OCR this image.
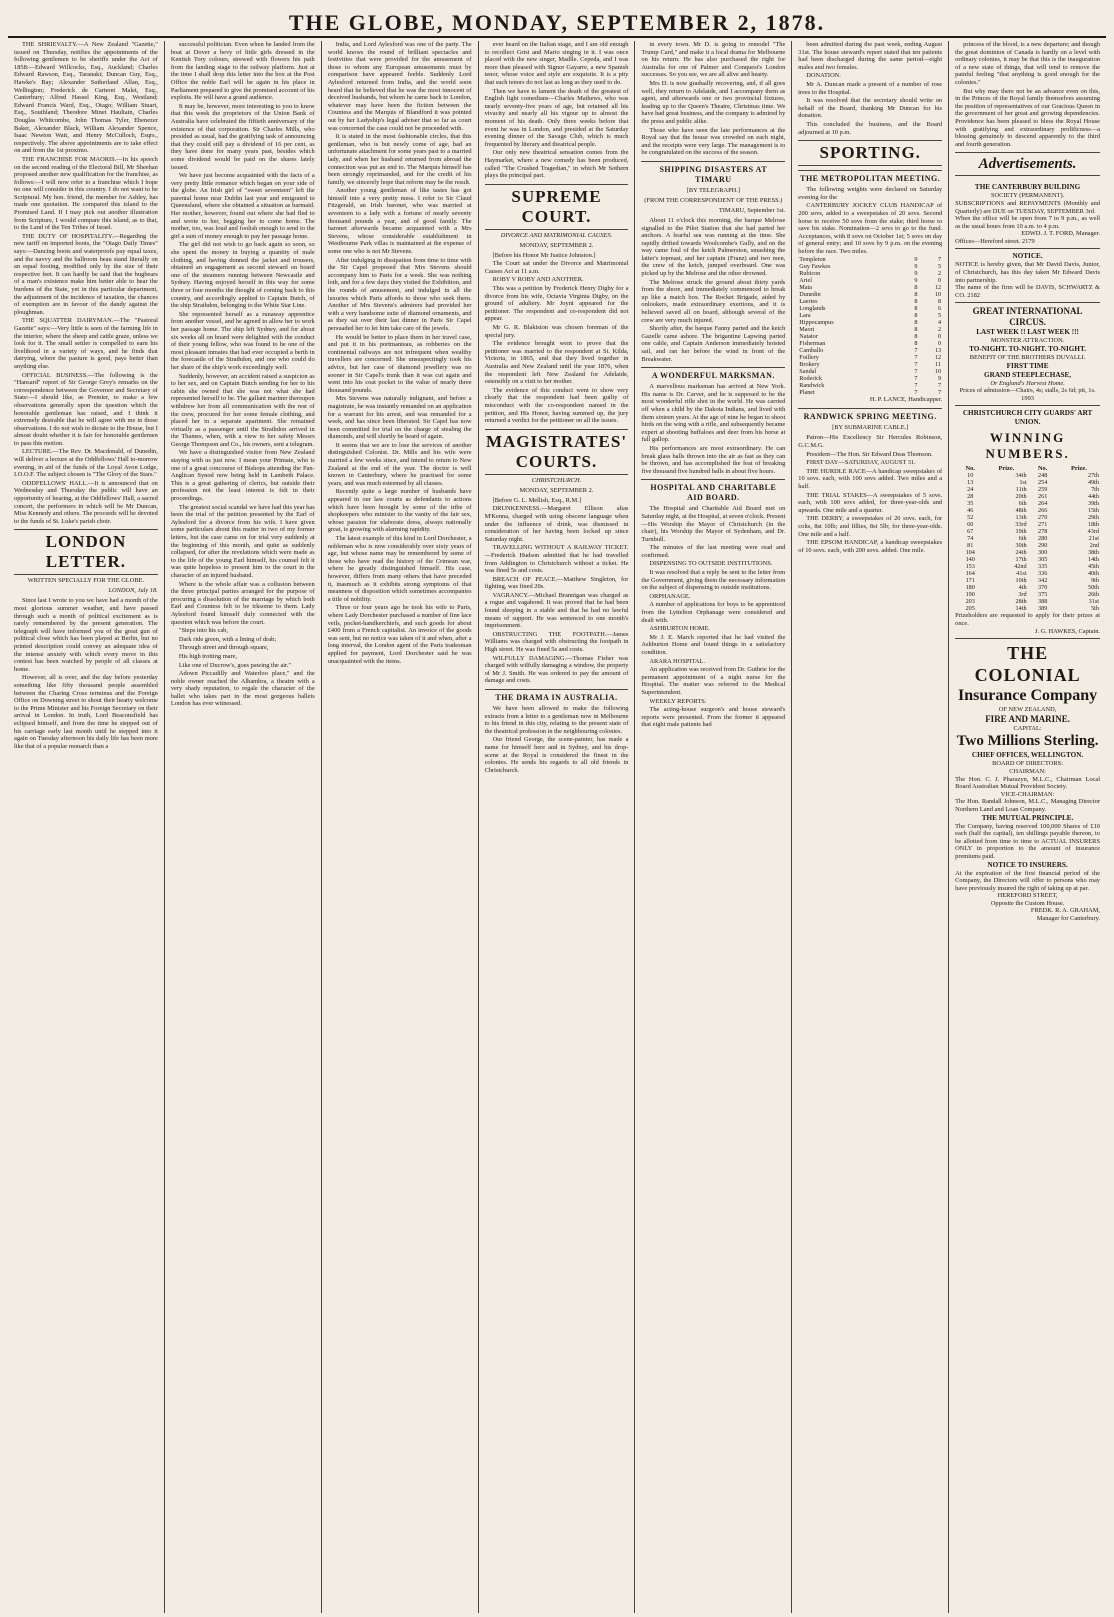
THE GLOBE, MONDAY, SEPTEMBER 2, 1878.
THE SHRIEVALTY.—A New Zealand "Gazette," issued on Thursday, notifies the appointments of the following gentlemen to be sheriffs under the Act of 1858:—Edward Willcocks, Esq., Auckland; Charles Edward Rawson, Esq., Taranaki; Duncan Guy, Esq., Hawke's Bay; Alexander Sutherland Allan, Esq., Wellington; Frederick de Carteret Malet, Esq., Canterbury; Alfred Hassel King, Esq., Westland; Edward Francis Ward, Esq., Otago; William Stuart, Esq., Southland; Theodore Minet Haultain, Charles Douglas Whitcombe, John Thomas Tyler, Ebenezer Baker, Alexander Black, William Alexander Spence, Isaac Newton Watt, and Henry McCulloch, Esqrs., respectively. The above appointments are to take effect on and from the 1st proximo.
THE FRANCHISE FOR MAORIS.—In his speech on the second reading of the Electoral Bill, Mr Sheehan proposed another new qualification for the franchise, as follows:—I will now refer to a franchise which I hope no one will consider in this country. I do not want to be Scriptural. My hon. friend, the member for Ashley, has made one quotation. He compared this island to the Promised Land. If I may pick out another illustration from Scripture, I would compare this island, as to that, to the Land of the Ten Tribes of Israel.
THE DUTY OF HOSPITALITY.—Regarding the new tariff on imported boots, the "Otago Daily Times" says:—Dancing boots and waterproofs pay equal taxes, and the navvy and the ballroom beau stand literally on an equal footing, modified only by the size of their respective feet. It can hardly be said that the bugbears of a man's existence make him better able to bear the burdens of the State, yet in this particular department, the adjustment of the incidence of taxation, the chances of exemption are in favour of the dandy against the ploughman.
THE SQUATTER DAIRYMAN.—The "Pastoral Gazette" says:—Very little is seen of the farming life in the interior, where the sheep and cattle graze, unless we look for it. The small settler is compelled to earn his livelihood in a variety of ways, and he finds that dairying, where the pasture is good, pays better than anything else.
OFFICIAL BUSINESS.—The following is the "Hansard" report of Sir George Grey's remarks on the correspondence between the Governor and Secretary of State:—I should like, as Premier, to make a few observations generally upon the question which the honorable gentleman has raised, and I think it extremely desirable that he will agree with me in those observations. I do not wish to dictate to the House, but I almost doubt whether it is fair for honorable gentlemen to pass this motion.
LECTURE.—The Rev. Dr. Macdonald, of Dunedin, will deliver a lecture at the Oddfellows' Hall to-morrow evening, in aid of the funds of the Loyal Avon Lodge, I.O.O.F. The subject chosen is "The Glory of the Stars."
ODDFELLOWS' HALL.—It is announced that on Wednesday and Thursday the public will have an opportunity of hearing, at the Oddfellows' Hall, a sacred concert, the performers in which will be Mr Duncan, Miss Kennedy and others. The proceeds will be devoted to the funds of St. Luke's parish choir.
LONDON LETTER.
WRITTEN SPECIALLY FOR THE GLOBE.
LONDON, July 18.
Since last I wrote to you we have had a month of the most glorious summer weather, and have passed through such a month of political excitement as is rarely remembered by the present generation. The telegraph will have informed you of the great gun of political close which has been played at Berlin, but no printed description could convey an adequate idea of the intense anxiety with which every move in this contest has been watched by people of all classes at home.
However, all is over, and the day before yesterday something like fifty thousand people assembled between the Charing Cross terminus and the Foreign Office on Downing street to shout their hearty welcome to the Prime Minister and his Foreign Secretary on their arrival in London. In truth, Lord Beaconsfield has eclipsed himself, and from the time he stepped out of his carriage early last month until he stepped into it again on Tuesday afternoon his daily life has been more like that of a popular monarch than a
successful politician. Even when he landed from the boat at Dover a bevy of little girls dressed in the Kentish Tory colours, strewed with flowers his path from the landing stage to the railway platform. Just at the time I shall drop this letter into the box at the Post Office the noble Earl will be again in his place in Parliament prepared to give the promised account of his exploits. He will have a grand audience.
It may be, however, more interesting to you to know that this week the proprietors of the Union Bank of Australia have celebrated the fiftieth anniversary of the existence of that corporation. Sir Charles Mills, who presided as usual, had the gratifying task of announcing that they could still pay a dividend of 16 per cent, as they have done for many years past, besides which some dividend would be paid on the shares lately issued.
We have just become acquainted with the facts of a very pretty little romance which began on your side of the globe. An Irish girl of "sweet seventeen" left the parental home near Dublin last year and emigrated to Queensland, where she obtained a situation as barmaid. Her mother, however, found out where she had fled to and wrote to her, begging her to come home. The mother, too, was loud and foolish enough to send to the girl a sum of money enough to pay her passage home.
The girl did not wish to go back again so soon, so she spent the money in buying a quantity of male clothing, and having donned the jacket and trousers, obtained an engagement as second steward on board one of the steamers running between Newcastle and Sydney. Having enjoyed herself in this way for some three or four months the thought of coming back to this country, and accordingly applied to Captain Butch, of the ship Strathdon, belonging to the White Star Line.
She represented herself as a runaway apprentice from another vessel, and he agreed to allow her to work her passage home. The ship left Sydney, and for about six weeks all on board were delighted with the conduct of their young fellow, who was found to be one of the most pleasant inmates that had ever occupied a berth in the forecastle of the Strathdon, and one who could do her share of the ship's work exceedingly well.
Suddenly, however, an accident raised a suspicion as to her sex, and on Captain Butch sending for her to his cabin she owned that she was not what she had represented herself to be. The gallant mariner thereupon withdrew her from all communication with the rest of the crew, procured for her some female clothing, and placed her in a separate apartment. She remained virtually as a passenger until the Strathdon arrived in the Thames, when, with a view to her safety Messrs George Thompson and Co., his owners, sent a telegram.
We have a distinguished visitor from New Zealand staying with us just now. I mean your Primate, who is one of a great concourse of Bishops attending the Pan-Anglican Synod now being held in Lambeth Palace. This is a great gathering of clerics, but outside their profession not the least interest is felt in their proceedings.
The greatest social scandal we have had this year has been the trial of the petition presented by the Earl of Aylesford for a divorce from his wife. I have given some particulars about this matter in two of my former letters, but the case came on for trial very suddenly at the beginning of this month, and quite as suddenly collapsed, for after the revelations which were made as to the life of the young Earl himself, his counsel felt it was quite hopeless to present him to the court in the character of an injured husband.
Where is the whole affair was a collusion between the three principal parties arranged for the purpose of procuring a dissolution of the marriage by which both Earl and Countess felt to be irksome to them. Lady Aylesford found himself duly connected with the question which was before the court.
"Steps into his cab,
Dark ride green, with a lining of drab;
Through street and through square,
His high trotting mare,
Like one of Ducrow's, goes pawing the air."
Adown Piccadilly and Waterloo place," and the noble owner reached the Alhambra, a theatre with a very shady reputation, to regale the character of the ballet who takes part in the most gorgeous ballets London has ever witnessed.
India, and Lord Aylesford was one of the party. The world knows the round of brilliant spectacles and festivities that were provided for the amusement of those to whom any European amusements must by comparison have appeared feeble. Suddenly Lord Aylesford returned from India, and the world soon heard that he believed that he was the most innocent of deceived husbands, but whom he came back to London, whatever may have been the fiction between the Countess and the Marquis of Blandford it was pointed out by her Ladyship's legal adviser that so far as court was concerned the case could not be proceeded with.
It is stated in the most fashionable circles, that this gentleman, who is but newly come of age, had an unfortunate attachment for some years past to a married lady, and when her husband returned from abroad the connection was put an end to. The Marquis himself has been strongly reprimanded, and for the credit of his family, we sincerely hope that reform may be the result.
Another young gentleman of like tastes has got himself into a very pretty mess. I refer to Sir Claud Fitzgerald, an Irish baronet, who was married at seventeen to a lady with a fortune of nearly seventy thousand pounds a year, and of good family. The baronet afterwards became acquainted with a Mrs Stevens, whose considerable establishment in Westbourne Park villas is maintained at the expense of some one who is not Mr Stevens.
After indulging in dissipation from time to time with the Sir Capel proposed that Mrs Stevens should accompany him to Paris for a week. She was nothing loth, and for a few days they visited the Exhibition, and the rounds of amusement, and indulged in all the luxuries which Paris affords to those who seek them. Another of Mrs Stevens's admirers had provided her with a very handsome suite of diamond ornaments, and as they sat over their last dinner in Paris Sir Capel persuaded her to let him take care of the jewels.
He would be better to place them in her travel case, and put it in his portmanteau, as robberies on the continental railways are not infrequent when wealthy travellers are concerned. She unsuspectingly took his advice, but her case of diamond jewellery was no sooner in Sir Capel's trunk than it was cut again and went into his coat pocket to the value of nearly three thousand pounds.
Mrs Stevens was naturally indignant, and before a magistrate, he was instantly remanded on an application for a warrant for his arrest, and was remanded for a week, and has since been liberated. Sir Capel has now been committed for trial on the charge of stealing the diamonds, and will shortly be heard of again.
It seems that we are to lose the services of another distinguished Colonist. Dr. Mills and his wife were married a few weeks since, and intend to return to New Zealand at the end of the year. The doctor is well known in Canterbury, where he practised for some years, and was much esteemed by all classes.
Recently quite a large number of husbands have appeared in our law courts as defendants to actions which have been brought by some of the tribe of shopkeepers who minister to the vanity of the fair sex, whose passion for elaborate dress, always nationally great, is growing with alarming rapidity.
The latest example of this kind in Lord Dorchester, a nobleman who is now considerably over sixty years of age, but whose name may be remembered by some of those who have read the history of the Crimean war, where he greatly distinguished himself. His case, however, differs from many others that have preceded it, inasmuch as it exhibits strong symptoms of that meanness of disposition which sometimes accompanies a title of nobility.
Three or four years ago he took his wife to Paris, where Lady Dorchester purchased a number of fine lace veils, pocket-handkerchiefs, and such goods for about £400 from a French capitalist. An invoice of the goods was sent, but no notice was taken of it and when, after a long interval, the London agent of the Paris tradesman applied for payment, Lord Dorchester said he was unacquainted with the items.
ever heard on the Italian stage, and I am old enough to recollect Grisi and Mario singing in it. I was once placed with the new singer, Madlle. Cepeda, and I was more than pleased with Signor Gayarre, a new Spanish tenor, whose voice and style are exquisite. It is a pity that such tenors do not last as long as they used to do.
Then we have to lament the death of the greatest of English light comedians—Charles Mathews, who was nearly seventy-five years of age, but retained all his vivacity and nearly all his vigour up to almost the moment of his death. Only three weeks before that event he was in London, and presided at the Saturday evening dinner of the Savage Club, which is much frequented by literary and theatrical people.
Our only new theatrical sensation comes from the Haymarket, where a new comedy has been produced, called "The Crushed Tragedian," in which Mr Sothern plays the principal part.
SUPREME COURT.
DIVORCE AND MATRIMONIAL CAUSES.
MONDAY, SEPTEMBER 2.
[Before his Honor Mr Justice Johnston.]
The Court sat under the Divorce and Matrimonial Causes Act at 11 a.m.
ROBY V ROBY AND ANOTHER.
This was a petition by Frederick Henry Digby for a divorce from his wife, Octavia Virginia Digby, on the ground of adultery. Mr Joynt appeared for the petitioner. The respondent and co-respondent did not appear.
Mr G. R. Blakiston was chosen foreman of the special jury.
The evidence brought went to prove that the petitioner was married to the respondent at St. Kilda, Victoria, in 1865, and that they lived together in Australia and New Zealand until the year 1876, when the respondent left New Zealand for Adelaide, ostensibly on a visit to her mother.
The evidence of this conduct went to show very clearly that the respondent had been guilty of misconduct with the co-respondent named in the petition, and His Honor, having summed up, the jury returned a verdict for the petitioner on all the issues.
MAGISTRATES' COURTS.
CHRISTCHURCH.
MONDAY, SEPTEMBER 2.
[Before G. L. Mellish, Esq., R.M.]
DRUNKENNESS.—Margaret Ellison alias M'Kenna, charged with using obscene language when under the influence of drink, was dismissed in consideration of her having been locked up since Saturday night.
TRAVELLING WITHOUT A RAILWAY TICKET.—Frederick Hudson admitted that he had travelled from Addington to Christchurch without a ticket. He was fined 5s and costs.
BREACH OF PEACE.—Matthew Singleton, for fighting, was fined 20s.
VAGRANCY.—Michael Brannigan was charged as a rogue and vagabond. It was proved that he had been found sleeping in a stable and that he had no lawful means of support. He was sentenced to one month's imprisonment.
OBSTRUCTING THE FOOTPATH.—James Williams was charged with obstructing the footpath in High street. He was fined 5s and costs.
WILFULLY DAMAGING.—Thomas Fisher was charged with wilfully damaging a window, the property of Mr J. Smith. He was ordered to pay the amount of damage and costs.
THE DRAMA IN AUSTRALIA.
We have been allowed to make the following extracts from a letter to a gentleman now in Melbourne to his friend in this city, relating to the present state of the theatrical profession in the neighbouring colonies.
Our friend George, the scene-painter, has made a name for himself here and in Sydney, and his drop-scene at the Royal is considered the finest in the colonies. He sends his regards to all old friends in Christchurch.
in every town. Mr D. is going to remodel "The Trump Card," and make it a local drama for Melbourne on his return. He has also purchased the right for Australia for one of Palmer and Conquest's London successes. So you see, we are all alive and hearty.
Mrs D. is now gradually recovering, and, if all goes well, they return to Adelaide, and I accompany them as agent, and afterwards one or two provincial fixtures, leading up to the Queen's Theatre, Christmas time. We have had great business, and the company is admired by the press and public alike.
Those who have seen the late performances at the Royal say that the house was crowded on each night, and the receipts were very large. The management is to be congratulated on the success of the season.
SHIPPING DISASTERS AT TIMARU
[BY TELEGRAPH.]
(FROM THE CORRESPONDENT OF THE PRESS.)
TIMARU, September 1st.
About 11 o'clock this morning, the barque Melrose signalled to the Pilot Station that she had parted her anchors. A fearful sea was running at the time. She rapidly drifted towards Woolcombe's Gully, and on the way came foul of the ketch Palmerston, smashing the latter's topmast, and her captain (Franz) and two men, the crew of the ketch, jumped overboard. One was picked up by the Melrose and the other drowned.
The Melrose struck the ground about thirty yards from the shore, and immediately commenced to break up like a match box. The Rocket Brigade, aided by onlookers, made extraordinary exertions, and it is believed saved all on board, although several of the crew are very much injured.
Shortly after, the barque Fanny parted and the ketch Gazelle came ashore. The brigantine Lapwing parted one cable, and Captain Anderson immediately hoisted sail, and ran her before the wind in front of the Breakwater.
A WONDERFUL MARKSMAN.
A marvellous marksman has arrived at New York. His name is Dr. Carver, and he is supposed to be the most wonderful rifle shot in the world. He was carried off when a child by the Dakota Indians, and lived with them sixteen years. At the age of nine he began to shoot birds on the wing with a rifle, and subsequently became expert at shooting buffaloes and deer from his horse at full gallop.
His performances are most extraordinary. He can break glass balls thrown into the air as fast as they can be thrown, and has accomplished the feat of breaking five thousand five hundred balls in about five hours.
HOSPITAL AND CHARITABLE AID BOARD.
The Hospital and Charitable Aid Board met on Saturday night, at the Hospital, at seven o'clock. Present—His Worship the Mayor of Christchurch (in the chair), his Worship the Mayor of Sydenham, and Dr. Turnbull.
The minutes of the last meeting were read and confirmed.
DISPENSING TO OUTSIDE INSTITUTIONS.
It was resolved that a reply be sent to the letter from the Government, giving them the necessary information on the subject of dispensing to outside institutions.
ORPHANAGE.
A number of applications for boys to be apprenticed from the Lyttelton Orphanage were considered and dealt with.
ASHBURTON HOME.
Mr J. E. March reported that he had visited the Ashburton Home and found things in a satisfactory condition.
ARARA HOSPITAL.
An application was received from Dr. Guthrie for the permanent appointment of a night nurse for the Hospital. The matter was referred to the Medical Superintendent.
WEEKLY REPORTS.
The acting-house surgeon's and house steward's reports were presented. From the former it appeared that eight male patients had
been admitted during the past week, ending August 31st. The house steward's report stated that ten patients had been discharged during the same period—eight males and two females.
DONATION.
Mr A. Duncan made a present of a number of rose trees to the Hospital.
It was resolved that the secretary should write on behalf of the Board, thanking Mr Duncan for his donation.
This concluded the business, and the Board adjourned at 10 p.m.
SPORTING.
THE METROPOLITAN MEETING.
The following weights were declared on Saturday evening for the
CANTERBURY JOCKEY CLUB HANDICAP of 200 sovs, added to a sweepstakes of 20 sovs. Second horse to receive 50 sovs from the stake; third horse to save his stake. Nomination—2 sovs to go to the fund. Acceptances, with 8 sovs on October 1st; 5 sovs on day of general entry; and 10 sovs by 9 p.m. on the evening before the race. Two miles.
Templeton	9	7
Guy Fawkes	9	5
Rubicon	9	2
Ariel	9	0
Mata	8	12
Dunedin	8	10
Laertes	8	8
Longlands	8	6
Lara	8	5
Hippocampus	8	4
Maori	8	2
Natator	8	0
Fisherman	8	0
Camballo	7	13
Foillery	7	12
Brokery	7	11
Sandal	7	10
Roderick	7	9
Randwick	7	7
Planet	7	7
H. P. LANCE, Handicapper.
RANDWICK SPRING MEETING.
[BY SUBMARINE CABLE.]
Patron—His Excellency Sir Hercules Robinson, G.C.M.G.
President—The Hon. Sir Edward Deas Thomson.
FIRST DAY—SATURDAY, AUGUST 31.
THE HURDLE RACE—A handicap sweepstakes of 10 sovs. each, with 100 sovs added. Two miles and a half.
THE TRIAL STAKES—A sweepstakes of 5 sovs. each, with 100 sovs added, for three-year-olds and upwards. One mile and a quarter.
THE DERBY, a sweepstakes of 20 sovs. each, for colts, 8st 10lb; and fillies, 8st 5lb; for three-year-olds. One mile and a half.
THE EPSOM HANDICAP, a handicap sweepstakes of 10 sovs. each, with 200 sovs. added. One mile.
princess of the blood, is a new departure; and though the great dominion of Canada is hardly on a level with ordinary colonies, it may be that this is the inauguration of a new state of things, that will tend to remove the painful feeling "that anything is good enough for the colonies."
But why may there not be an advance even on this, in the Princes of the Royal family themselves assuming the position of representatives of our Gracious Queen in the government of her great and growing dependencies. Providence has been pleased to bless the Royal House with gratifying and extraordinary prolificness—a blessing genuinely to descend apparently to the third and fourth generation.
Advertisements.
THE CANTERBURY BUILDING
SOCIETY (PERMANENT).
SUBSCRIPTIONS and REPAYMENTS (Monthly and Quarterly) are DUE on TUESDAY, SEPTEMBER 3rd.
When the office will be open from 7 to 9 p.m., as well as the usual hours from 10 a.m. to 4 p.m.
EDWD. J. T. FORD, Manager.
Offices—Hereford street. 2179
NOTICE.
NOTICE is hereby given, that Mr David Davis, Junior, of Christchurch, has this day taken Mr Edward Davis into partnership.
The name of the firm will be DAVIS, SCHWARTZ & CO. 2182
GREAT INTERNATIONAL CIRCUS.
LAST WEEK !! LAST WEEK !!!
MONSTER ATTRACTION.
TO-NIGHT. TO-NIGHT. TO-NIGHT.
BENEFIT OF THE BROTHERS DUVALLI.
FIRST TIME
GRAND STEEPLECHASE,
Or England's Harvest Home.
Prices of admission—Chairs, 4s; stalls, 2s 6d; pit, 1s. 1993
CHRISTCHURCH CITY GUARDS' ART UNION.
WINNING NUMBERS.
No.	Prize.	No.	Prize.
10	34th	248	27th
13	1st	254	49th
24	11th	259	7th
28	20th	261	44th
35	6th	264	39th
46	48th	266	15th
52	13th	270	29th
60	33rd	271	18th
67	19th	278	43rd
74	6th	280	21st
81	30th	290	2nd
104	24th	300	38th
140	17th	305	14th
153	42nd	335	45th
164	41st	336	40th
171	10th	342	9th
180	4th	370	50th
190	3rd	375	26th
203	28th	388	31st
205	14th	389	5th
Prizeholders are requested to apply for their prizes at once.
J. G. HAWKES, Captain.
THE COLONIAL
Insurance Company
OF NEW ZEALAND,
FIRE AND MARINE.
CAPITAL:
Two Millions Sterling.
CHIEF OFFICES, WELLINGTON.
BOARD OF DIRECTORS:
CHAIRMAN:
The Hon. C. J. Pharazyn, M.L.C., Chairman Local Board Australian Mutual Provident Society.
VICE-CHAIRMAN:
The Hon. Randall Johnson, M.L.C., Managing Director Northern Land and Loan Company.
THE MUTUAL PRINCIPLE.
The Company, having reserved 100,000 Shares of £10 each (half the capital), ten shillings payable thereon, to be allotted from time to time to ACTUAL INSURERS ONLY in proportion to the amount of insurance premiums paid.
NOTICE TO INSURERS.
At the expiration of the first financial period of the Company, the Directors will offer to persons who may have previously insured the right of taking up at par.
HEREFORD STREET,
Opposite the Custom House.
FREDK. R. A. GRAHAM,
Manager for Canterbury.
